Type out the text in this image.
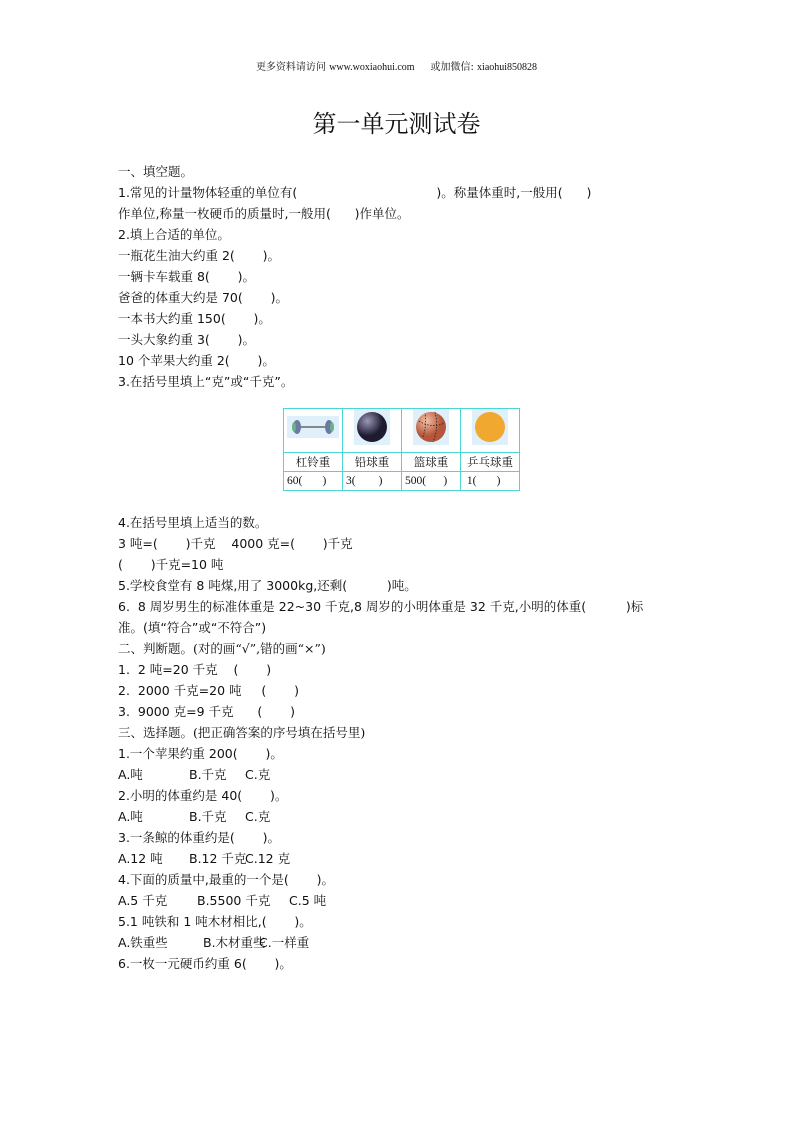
更多资料请访问 www.woxiaohui.com 或加微信: xiaohui850828
第一单元测试卷
一、填空题。
1.常见的计量物体轻重的单位有(                                   )。称量体重时,一般用(      )
作单位,称量一枚硬币的质量时,一般用(      )作单位。
2.填上合适的单位。
一瓶花生油大约重 2(       )。
一辆卡车载重 8(       )。
爸爸的体重大约是 70(       )。
一本书大约重 150(       )。
一头大象约重 3(       )。
10 个苹果大约重 2(       )。
3.在括号里填上“克”或“千克”。

杠铃重	铅球重	篮球重	乒乓球重
60(       )	3(        )	500(      )	1(       )
4.在括号里填上适当的数。
3 吨=(       )千克    4000 克=(       )千克
(       )千克=10 吨
5.学校食堂有 8 吨煤,用了 3000kg,还剩(          )吨。
6.  8 周岁男生的标准体重是 22~30 千克,8 周岁的小明体重是 32 千克,小明的体重(          )标
准。(填“符合”或“不符合”)
二、判断题。(对的画“√”,错的画“×”)
1.  2 吨=20 千克    (       )
2.  2000 千克=20 吨     (       )
3.  9000 克=9 千克      (       )
三、选择题。(把正确答案的序号填在括号里)
1.一个苹果约重 200(       )。
A.吨	B.千克 C.克
2.小明的体重约是 40(       )。
A.吨	B.千克 C.克
3.一条鲸的体重约是(       )。
A.12 吨 B.12 千克C.12 克
4.下面的质量中,最重的一个是(       )。
A.5 千克 B.5500 千克 C.5 吨
5.1 吨铁和 1 吨木材相比,(       )。
A.铁重些	B.木材重些C.一样重
6.一枚一元硬币约重 6(       )。
